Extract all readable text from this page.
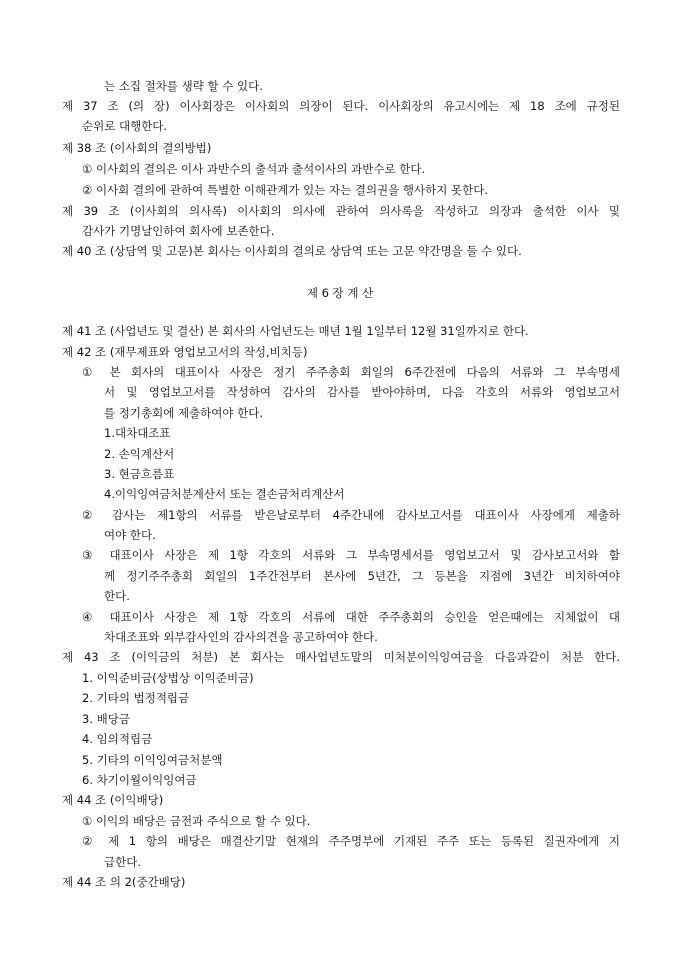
는 소집 절차를 생략 할 수 있다.
제 37 조 (의 장) 이사회장은 이사회의 의장이 된다. 이사회장의 유고시에는 제 18 조에 규정된
순위로 대행한다.
제 38 조 (이사회의 결의방법)
① 이사회의 결의은 이사 과반수의 출석과 출석이사의 과반수로 한다.
② 이사회 결의에 관하여 특별한 이해관계가 있는 자는 결의권을 행사하지 못한다.
제 39 조 (이사회의 의사록) 이사회의 의사에 관하여 의사록을 작성하고 의장과 출석한 이사 및
감사가 기명날인하여 회사에 보존한다.
제 40 조 (상담역 및 고문)본 회사는 이사회의 결의로 상담역 또는 고문 약간명을 둘 수 있다.
제 6 장 계 산
제 41 조 (사업년도 및 결산) 본 회사의 사업년도는 매년 1월 1일부터 12월 31일까지로 한다.
제 42 조 (재무제표와 영업보고서의 작성,비치등)
① 본 회사의 대표이사 사장은 정기 주주총회 회일의 6주간전에 다음의 서류와 그 부속명세
서 및 영업보고서를 작성하여 감사의 감사를 받아야하며, 다음 각호의 서류와 영업보고서
를 정기총회에 제출하여야 한다.
1.대차대조표
2. 손익계산서
3. 현금흐름표
4.이익잉여금처분계산서 또는 결손금처리계산서
② 감사는 제1항의 서류를 받은날로부터 4주간내에 감사보고서를 대표이사 사장에게 제출하
여야 한다.
③ 대표이사 사장은 제 1항 각호의 서류와 그 부속명세서를 영업보고서 및 감사보고서와 함
께 정기주주총회 회일의 1주간전부터 본사에 5년간, 그 등본을 지점에 3년간 비치하여야
한다.
④ 대표이사 사장은 제 1항 각호의 서류에 대한 주주총회의 승인을 얻은때에는 지체없이 대
차대조표와 외부감사인의 감사의견을 공고하여야 한다.
제 43 조 (이익금의 처분) 본 회사는 매사업년도말의 미처분이익잉여금을 다음과같이 처분 한다.
1. 이익준비금(상법상 이익준비금)
2. 기타의 법정적립금
3. 배당금
4. 임의적립금
5. 기타의 이익잉여금처분액
6. 차기이월이익잉여금
제 44 조 (이익배당)
① 이익의 배당은 금전과 주식으로 할 수 있다.
② 제 1 항의 배당은 매결산기말 현재의 주주명부에 기재된 주주 또는 등록된 질권자에게 지
급한다.
제 44 조 의 2(중간배당)
